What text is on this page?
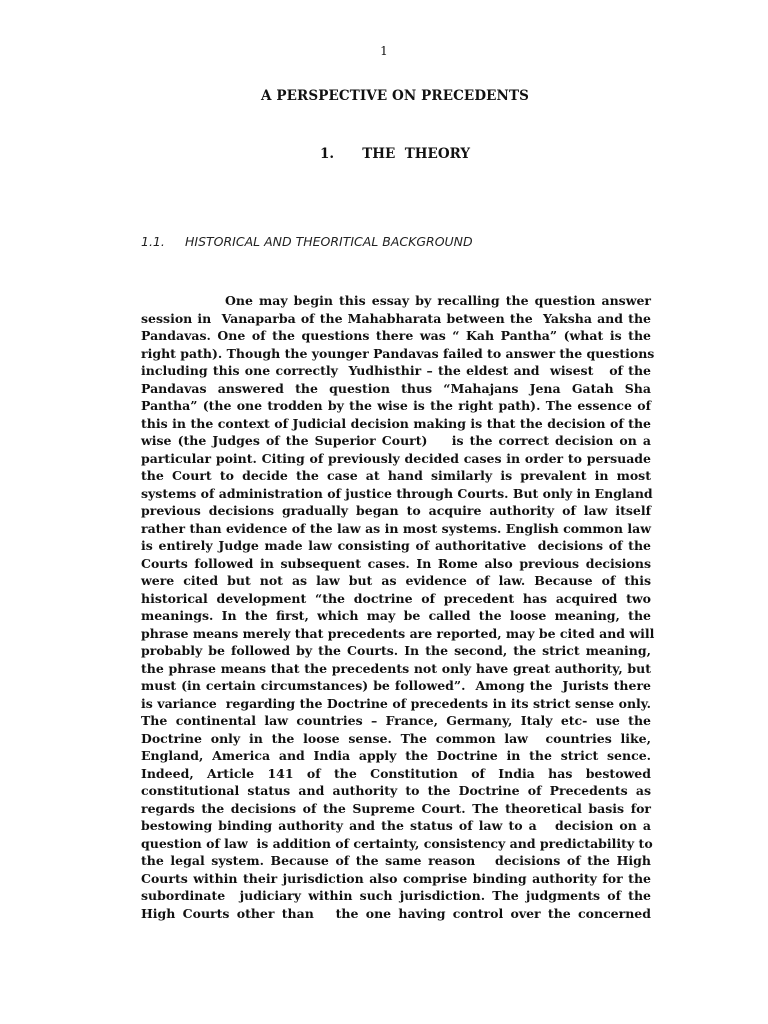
1
A PERSPECTIVE ON PRECEDENTS
1. THE  THEORY
1.1. HISTORICAL AND THEORITICAL BACKGROUND
One may begin this essay by recalling the question answer
session in  Vanaparba of the Mahabharata between the  Yaksha and the
Pandavas. One of the questions there was “ Kah Pantha” (what is the
right path). Though the younger Pandavas failed to answer the questions
including this one correctly  Yudhisthir – the eldest and  wisest   of the
Pandavas answered the question thus “Mahajans Jena Gatah Sha
Pantha” (the one trodden by the wise is the right path). The essence of
this in the context of Judicial decision making is that the decision of the
wise (the Judges of the Superior Court)    is the correct decision on a
particular point. Citing of previously decided cases in order to persuade
the Court to decide the case at hand similarly is prevalent in most
systems of administration of justice through Courts. But only in England
previous decisions gradually began to acquire authority of law itself
rather than evidence of the law as in most systems. English common law
is entirely Judge made law consisting of authoritative  decisions of the
Courts followed in subsequent cases. In Rome also previous decisions
were cited but not as law but as evidence of law. Because of this
historical development “the doctrine of precedent has acquired two
meanings. In the first, which may be called the loose meaning, the
phrase means merely that precedents are reported, may be cited and will
probably be followed by the Courts. In the second, the strict meaning,
the phrase means that the precedents not only have great authority, but
must (in certain circumstances) be followed”.  Among the  Jurists there
is variance  regarding the Doctrine of precedents in its strict sense only.
The continental law countries – France, Germany, Italy etc- use the
Doctrine only in the loose sense. The common law  countries like,
England, America and India apply the Doctrine in the strict sence.
Indeed, Article 141 of the Constitution of India has bestowed
constitutional status and authority to the Doctrine of Precedents as
regards the decisions of the Supreme Court. The theoretical basis for
bestowing binding authority and the status of law to a   decision on a
question of law  is addition of certainty, consistency and predictability to
the legal system. Because of the same reason   decisions of the High
Courts within their jurisdiction also comprise binding authority for the
subordinate  judiciary within such jurisdiction. The judgments of the
High Courts other than   the one having control over the concerned
